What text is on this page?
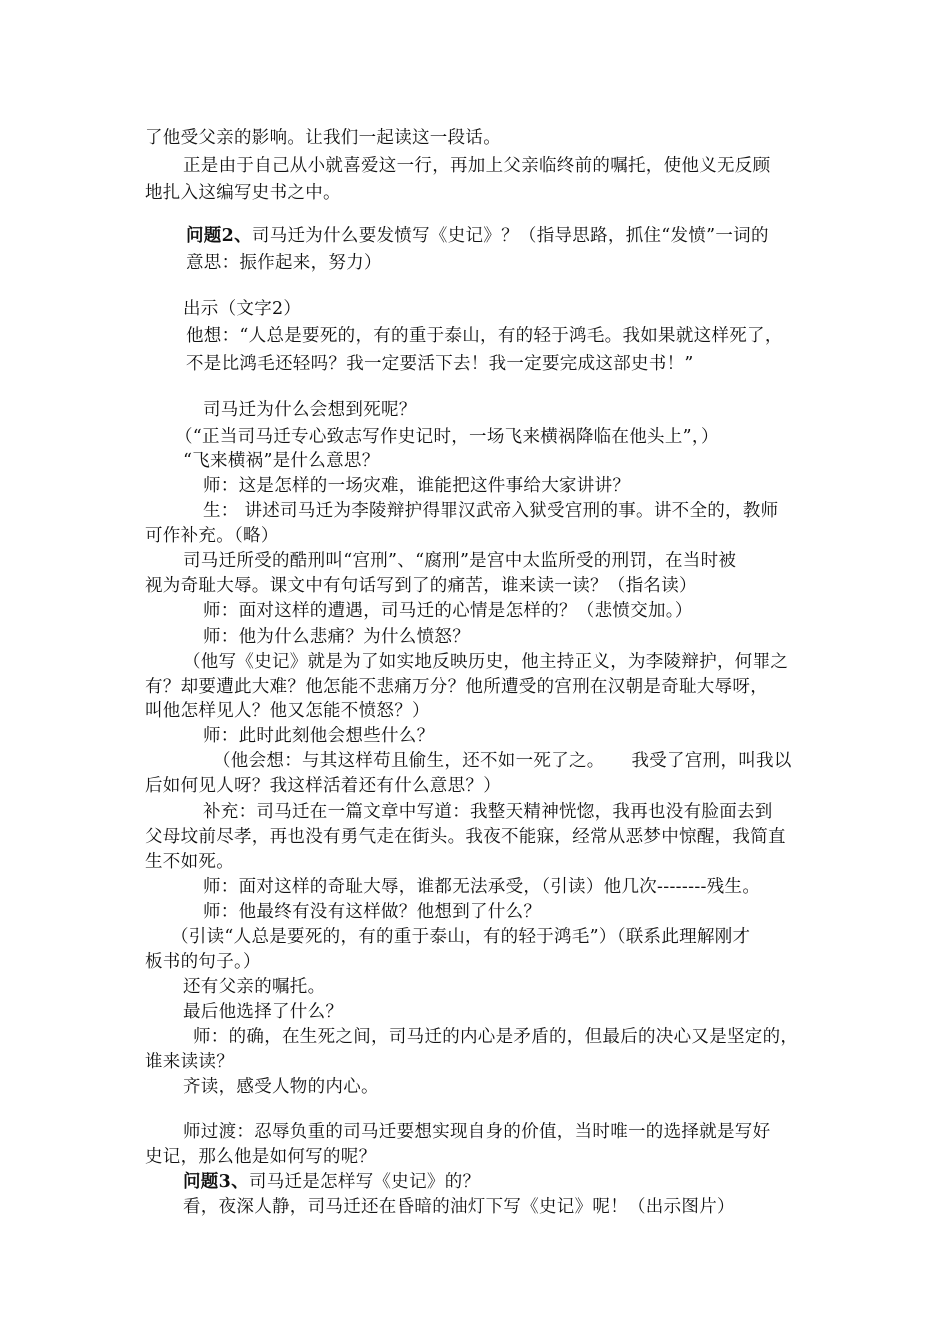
了他受父亲的影响。让我们一起读这一段话。
正是由于自己从小就喜爱这一行，再加上父亲临终前的嘱托，使他义无反顾
地扎入这编写史书之中。
问题2、司马迁为什么要发愤写《史记》？（指导思路，抓住“发愤”一词的
意思：振作起来，努力）
出示（文字2）
他想：“人总是要死的，有的重于泰山，有的轻于鸿毛。我如果就这样死了，
不是比鸿毛还轻吗？我一定要活下去！我一定要完成这部史书！”
司马迁为什么会想到死呢？
（“正当司马迁专心致志写作史记时，一场飞来横祸降临在他头上”，）
“飞来横祸”是什么意思？
师：这是怎样的一场灾难，谁能把这件事给大家讲讲？
生： 讲述司马迁为李陵辩护得罪汉武帝入狱受宫刑的事。讲不全的，教师
可作补充。（略）
司马迁所受的酷刑叫“宫刑”、“腐刑”是宫中太监所受的刑罚，在当时被
视为奇耻大辱。课文中有句话写到了的痛苦，谁来读一读？（指名读）
师：面对这样的遭遇，司马迁的心情是怎样的？（悲愤交加。）
师：他为什么悲痛？为什么愤怒？
（他写《史记》就是为了如实地反映历史，他主持正义，为李陵辩护，何罪之
有？却要遭此大难？他怎能不悲痛万分？他所遭受的宫刑在汉朝是奇耻大辱呀，
叫他怎样见人？他又怎能不愤怒？）
师：此时此刻他会想些什么？
（他会想：与其这样苟且偷生，还不如一死了之。　　我受了宫刑，叫我以
后如何见人呀？我这样活着还有什么意思？）
补充：司马迁在一篇文章中写道：我整天精神恍惚，我再也没有脸面去到
父母坟前尽孝，再也没有勇气走在街头。我夜不能寐，经常从恶梦中惊醒，我简直
生不如死。
师：面对这样的奇耻大辱，谁都无法承受，（引读）他几次--------残生。
师：他最终有没有这样做？他想到了什么？
（引读“人总是要死的，有的重于泰山，有的轻于鸿毛”）（联系此理解刚才
板书的句子。）
还有父亲的嘱托。
最后他选择了什么？
师：的确，在生死之间，司马迁的内心是矛盾的，但最后的决心又是坚定的，
谁来读读？
齐读，感受人物的内心。
师过渡：忍辱负重的司马迁要想实现自身的价值，当时唯一的选择就是写好
史记，那么他是如何写的呢？
问题3、司马迁是怎样写《史记》的？
看，夜深人静，司马迁还在昏暗的油灯下写《史记》呢！（出示图片）
